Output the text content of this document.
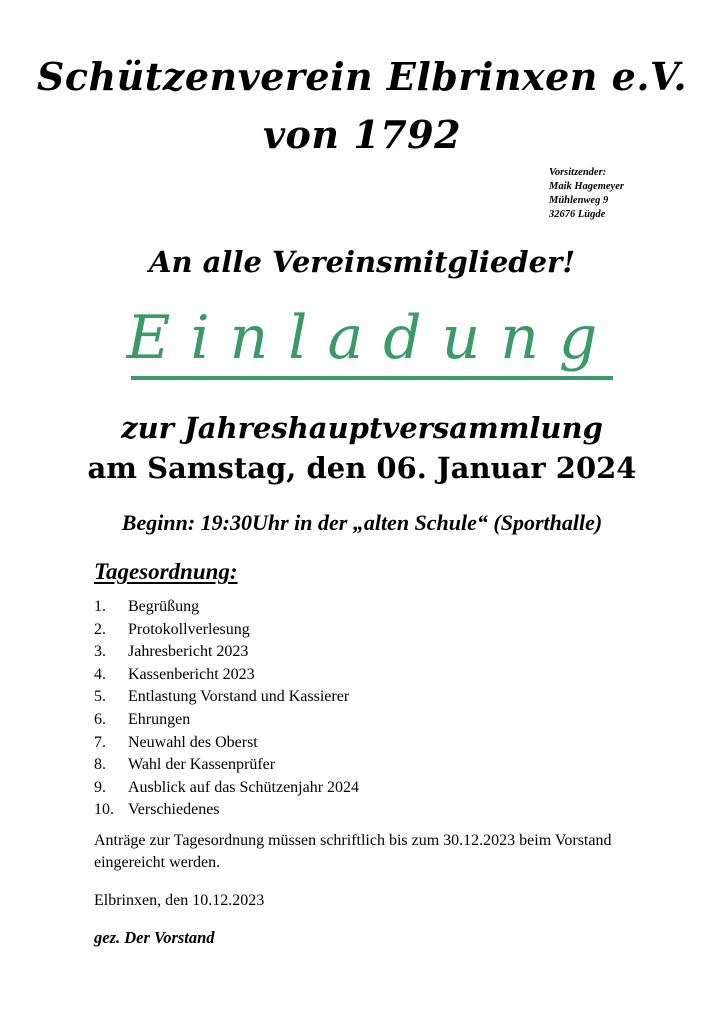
Schützenverein Elbrinxen e.V.
von 1792
Vorsitzender:
Maik Hagemeyer
Mühlenweg 9
32676 Lügde
An alle Vereinsmitglieder!
Einladung
zur Jahreshauptversammlung
am Samstag, den 06. Januar 2024
Beginn: 19:30Uhr in der „alten Schule“ (Sporthalle)
Tagesordnung:
1. Begrüßung
2. Protokollverlesung
3. Jahresbericht 2023
4. Kassenbericht 2023
5. Entlastung Vorstand und Kassierer
6. Ehrungen
7. Neuwahl des Oberst
8. Wahl der Kassenprüfer
9. Ausblick auf das Schützenjahr 2024
10. Verschiedenes
Anträge zur Tagesordnung müssen schriftlich bis zum 30.12.2023 beim Vorstand eingereicht werden.
Elbrinxen, den 10.12.2023
gez. Der Vorstand
